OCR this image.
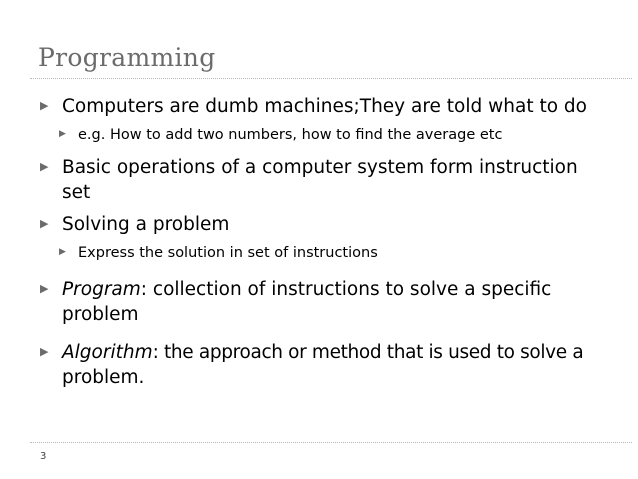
Programming
▶ Computers are dumb machines;They are told what to do
▶ e.g. How to add two numbers, how to find the average etc
▶ Basic operations of a computer system form instruction
set
▶ Solving a problem
▶ Express the solution in set of instructions
▶ Program: collection of instructions to solve a specific
problem
▶ Algorithm: the approach or method that is used to solve a
problem.
3
